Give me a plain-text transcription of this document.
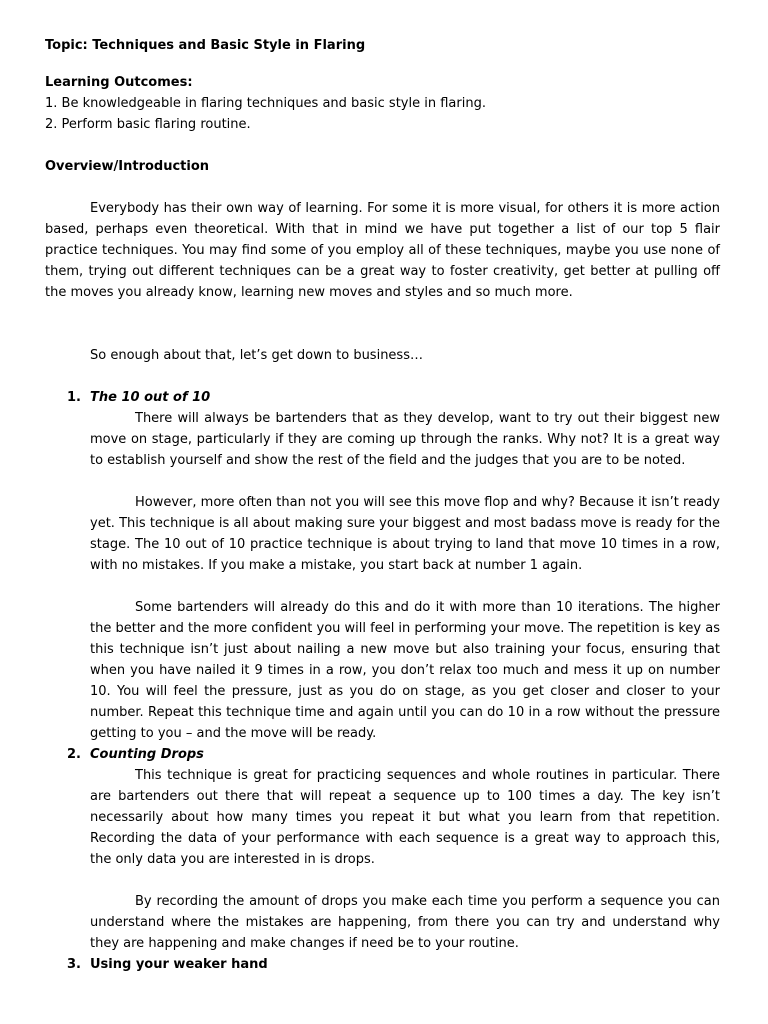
Topic: Techniques and Basic Style in Flaring
Learning Outcomes:
1. Be knowledgeable in flaring techniques and basic style in flaring.
2. Perform basic flaring routine.
Overview/Introduction
Everybody has their own way of learning. For some it is more visual, for others it is more action based, perhaps even theoretical. With that in mind we have put together a list of our top 5 flair practice techniques. You may find some of you employ all of these techniques, maybe you use none of them, trying out different techniques can be a great way to foster creativity, get better at pulling off the moves you already know, learning new moves and styles and so much more.
So enough about that, let’s get down to business…
1. The 10 out of 10
There will always be bartenders that as they develop, want to try out their biggest new move on stage, particularly if they are coming up through the ranks. Why not? It is a great way to establish yourself and show the rest of the field and the judges that you are to be noted.
However, more often than not you will see this move flop and why? Because it isn’t ready yet. This technique is all about making sure your biggest and most badass move is ready for the stage. The 10 out of 10 practice technique is about trying to land that move 10 times in a row, with no mistakes. If you make a mistake, you start back at number 1 again.
Some bartenders will already do this and do it with more than 10 iterations. The higher the better and the more confident you will feel in performing your move. The repetition is key as this technique isn’t just about nailing a new move but also training your focus, ensuring that when you have nailed it 9 times in a row, you don’t relax too much and mess it up on number 10. You will feel the pressure, just as you do on stage, as you get closer and closer to your number. Repeat this technique time and again until you can do 10 in a row without the pressure getting to you – and the move will be ready.
2. Counting Drops
This technique is great for practicing sequences and whole routines in particular. There are bartenders out there that will repeat a sequence up to 100 times a day. The key isn’t necessarily about how many times you repeat it but what you learn from that repetition. Recording the data of your performance with each sequence is a great way to approach this, the only data you are interested in is drops.
By recording the amount of drops you make each time you perform a sequence you can understand where the mistakes are happening, from there you can try and understand why they are happening and make changes if need be to your routine.
3. Using your weaker hand
